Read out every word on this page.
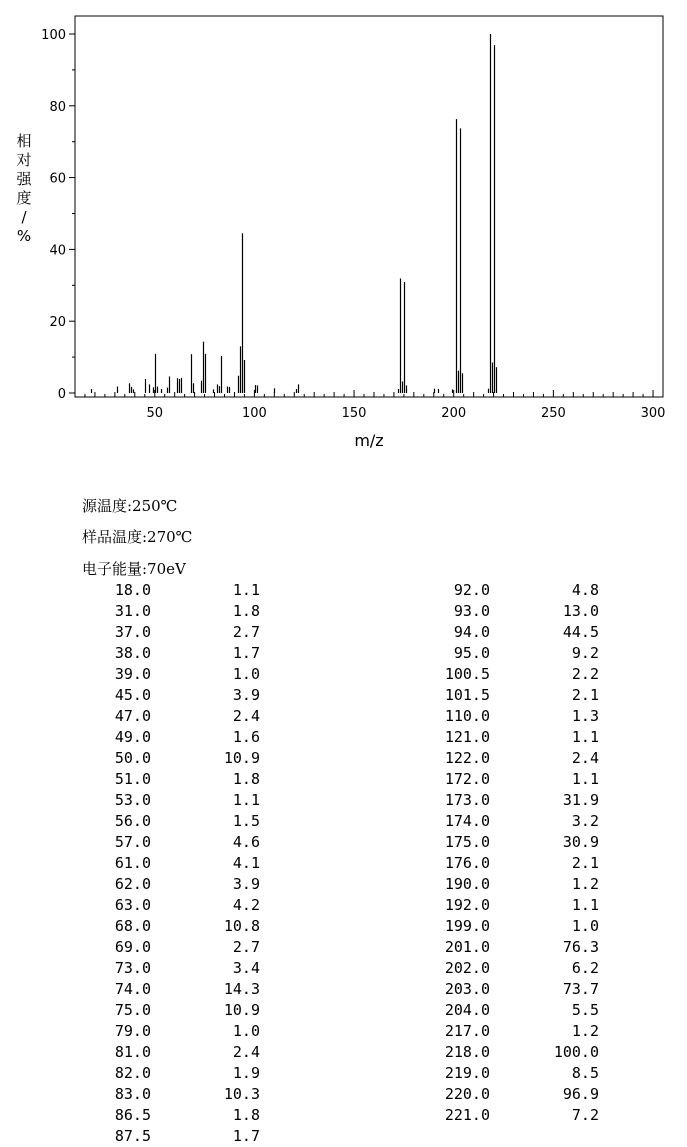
0
20
40
60
80
100
50	100	150	200	250	300
m/z
相对强度/ %
源温度:250℃
样品温度:270℃
电子能量:70eV
18.0	1.1
31.0	1.8
37.0	2.7
38.0	1.7
39.0	1.0
45.0	3.9
47.0	2.4
49.0	1.6
50.0	10.9
51.0	1.8
53.0	1.1
56.0	1.5
57.0	4.6
61.0	4.1
62.0	3.9
63.0	4.2
68.0	10.8
69.0	2.7
73.0	3.4
74.0	14.3
75.0	10.9
79.0	1.0
81.0	2.4
82.0	1.9
83.0	10.3
86.5	1.8
87.5	1.7
92.0	4.8
93.0	13.0
94.0	44.5
95.0	9.2
100.5	2.2
101.5	2.1
110.0	1.3
121.0	1.1
122.0	2.4
172.0	1.1
173.0	31.9
174.0	3.2
175.0	30.9
176.0	2.1
190.0	1.2
192.0	1.1
199.0	1.0
201.0	76.3
202.0	6.2
203.0	73.7
204.0	5.5
217.0	1.2
218.0	100.0
219.0	8.5
220.0	96.9
221.0	7.2
